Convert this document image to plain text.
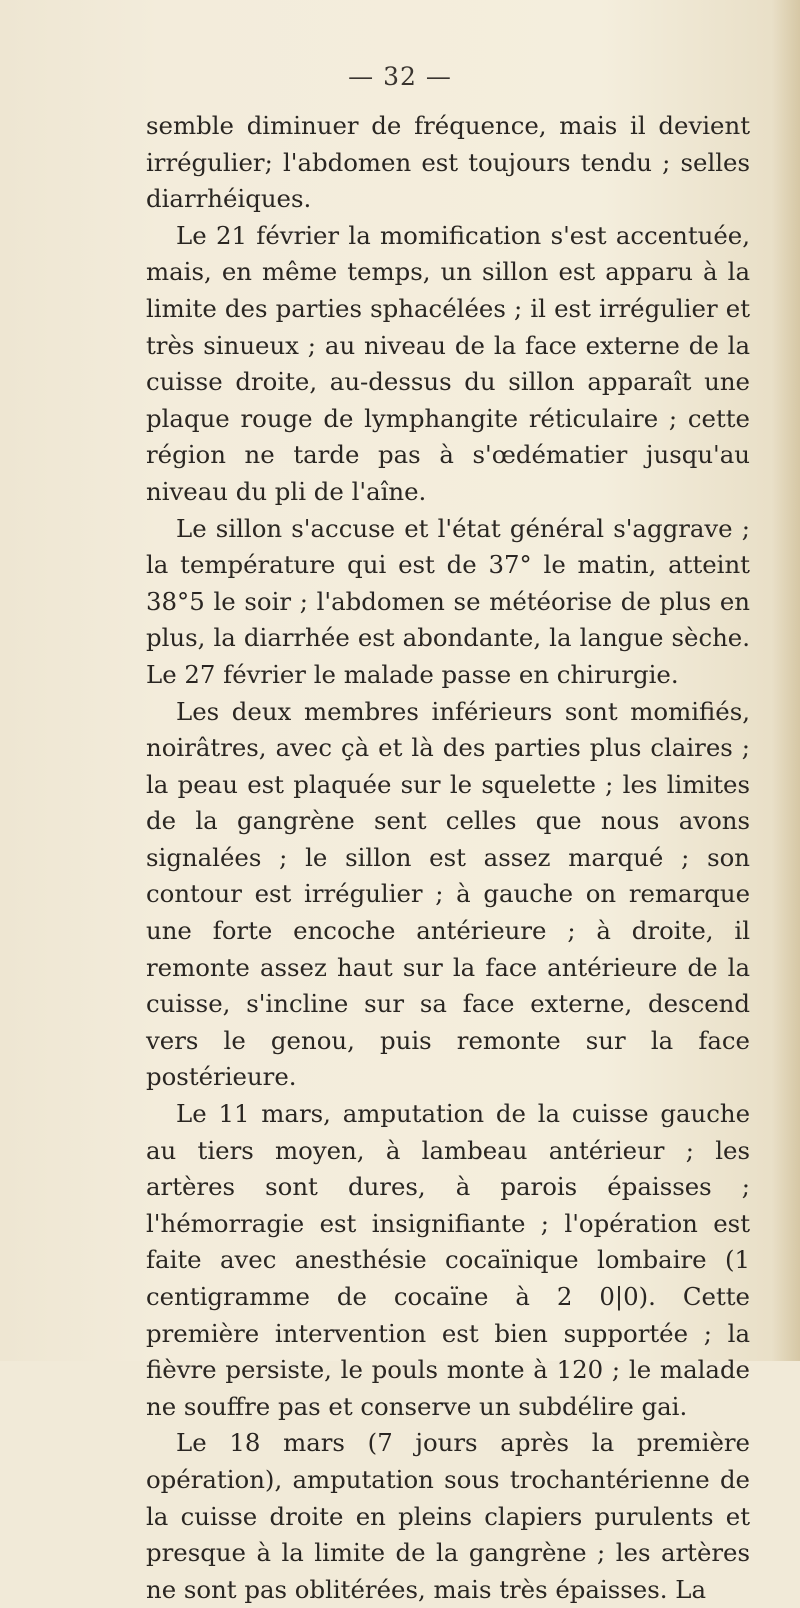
— 32 —

semble diminuer de fréquence, mais il devient irrégulier; l'abdomen est toujours tendu ; selles diarrhéiques.

Le 21 février la momification s'est accentuée, mais, en même temps, un sillon est apparu à la limite des parties sphacélées ; il est irrégulier et très sinueux ; au niveau de la face externe de la cuisse droite, au-dessus du sillon apparaît une plaque rouge de lymphangite réticulaire ; cette région ne tarde pas à s'œdématier jusqu'au niveau du pli de l'aîne.

Le sillon s'accuse et l'état général s'aggrave ; la température qui est de 37° le matin, atteint 38°5 le soir ; l'abdomen se météorise de plus en plus, la diarrhée est abondante, la langue sèche. Le 27 février le malade passe en chirurgie.

Les deux membres inférieurs sont momifiés, noirâtres, avec çà et là des parties plus claires ; la peau est plaquée sur le squelette ; les limites de la gangrène sent celles que nous avons signalées ; le sillon est assez marqué ; son contour est irrégulier ; à gauche on remarque une forte encoche antérieure ; à droite, il remonte assez haut sur la face antérieure de la cuisse, s'incline sur sa face externe, descend vers le genou, puis remonte sur la face postérieure.

Le 11 mars, amputation de la cuisse gauche au tiers moyen, à lambeau antérieur ; les artères sont dures, à parois épaisses ; l'hémorragie est insignifiante ; l'opération est faite avec anesthésie cocaïnique lombaire (1 centigramme de cocaïne à 2 0|0). Cette première intervention est bien supportée ; la fièvre persiste, le pouls monte à 120 ; le malade ne souffre pas et conserve un subdélire gai.

Le 18 mars (7 jours après la première opération), amputation sous trochantérienne de la cuisse droite en pleins clapiers purulents et presque à la limite de la gangrène ; les artères ne sont pas oblitérées, mais très épaisses. La
